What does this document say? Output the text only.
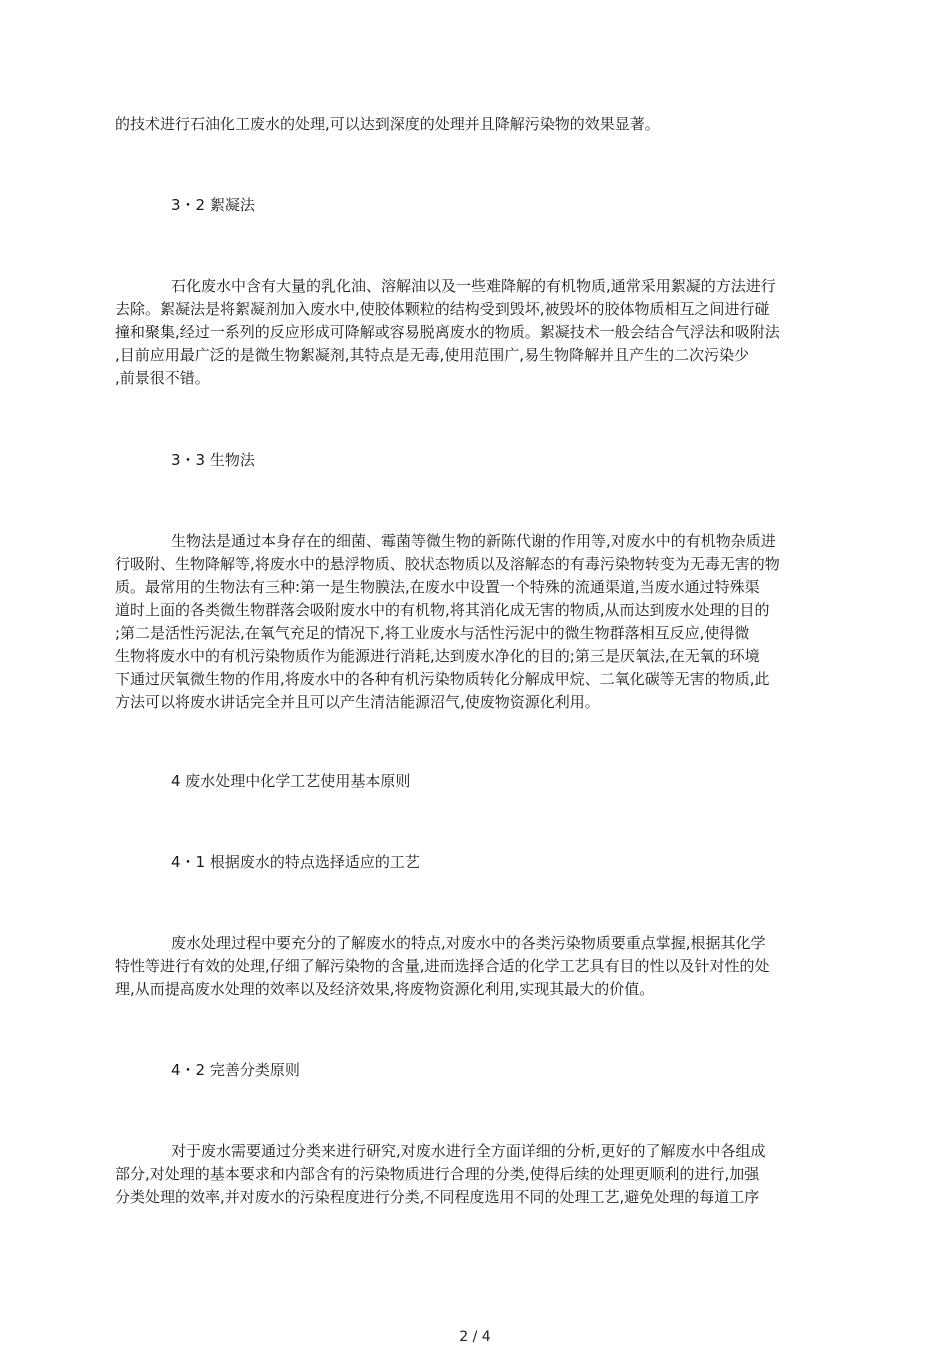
的技术进行石油化工废水的处理,可以达到深度的处理并且降解污染物的效果显著。
3・2 絮凝法
石化废水中含有大量的乳化油、溶解油以及一些难降解的有机物质,通常采用絮凝的方法进行
去除。絮凝法是将絮凝剂加入废水中,使胶体颗粒的结构受到毁坏,被毁坏的胶体物质相互之间进行碰
撞和聚集,经过一系列的反应形成可降解或容易脱离废水的物质。絮凝技术一般会结合气浮法和吸附法
,目前应用最广泛的是微生物絮凝剂,其特点是无毒,使用范围广,易生物降解并且产生的二次污染少
,前景很不错。
3・3 生物法
生物法是通过本身存在的细菌、霉菌等微生物的新陈代谢的作用等,对废水中的有机物杂质进
行吸附、生物降解等,将废水中的悬浮物质、胶状态物质以及溶解态的有毒污染物转变为无毒无害的物
质。最常用的生物法有三种:第一是生物膜法,在废水中设置一个特殊的流通渠道,当废水通过特殊渠
道时上面的各类微生物群落会吸附废水中的有机物,将其消化成无害的物质,从而达到废水处理的目的
;第二是活性污泥法,在氧气充足的情况下,将工业废水与活性污泥中的微生物群落相互反应,使得微
生物将废水中的有机污染物质作为能源进行消耗,达到废水净化的目的;第三是厌氧法,在无氧的环境
下通过厌氧微生物的作用,将废水中的各种有机污染物质转化分解成甲烷、二氧化碳等无害的物质,此
方法可以将废水讲话完全并且可以产生清洁能源沼气,使废物资源化利用。
4 废水处理中化学工艺使用基本原则
4・1 根据废水的特点选择适应的工艺
废水处理过程中要充分的了解废水的特点,对废水中的各类污染物质要重点掌握,根据其化学
特性等进行有效的处理,仔细了解污染物的含量,进而选择合适的化学工艺具有目的性以及针对性的处
理,从而提高废水处理的效率以及经济效果,将废物资源化利用,实现其最大的价值。
4・2 完善分类原则
对于废水需要通过分类来进行研究,对废水进行全方面详细的分析,更好的了解废水中各组成
部分,对处理的基本要求和内部含有的污染物质进行合理的分类,使得后续的处理更顺利的进行,加强
分类处理的效率,并对废水的污染程度进行分类,不同程度选用不同的处理工艺,避免处理的每道工序
2 / 4
